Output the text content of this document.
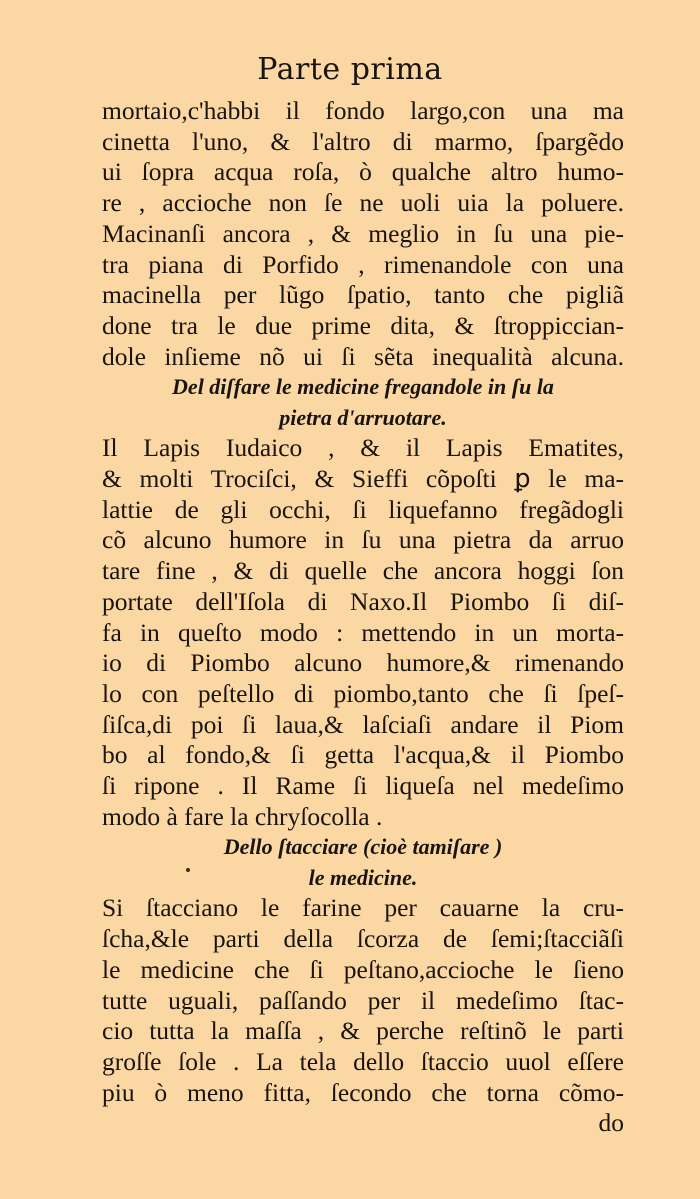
Parte prima
mortaio,c'habbi il fondo largo,con una ma
cinetta l'uno, & l'altro di marmo, ſpargẽdo
ui ſopra acqua roſa, ò qualche altro humo-
re , accioche non ſe ne uoli uia la poluere.
Macinanſi ancora , & meglio in ſu una pie-
tra piana di Porfido , rimenandole con una
macinella per lũgo ſpatio, tanto che pigliã
done tra le due prime dita, & ſtroppiccian-
dole inſieme nõ ui ſi sẽta inequalità alcuna.
Del diſfare le medicine fregandole in ſu la
pietra d'arruotare.
Il Lapis Iudaico , & il Lapis Ematites,
& molti Trociſci, & Sieffi cõpoſti ꝑ le ma-
lattie de gli occhi, ſi liquefanno fregãdogli
cõ alcuno humore in ſu una pietra da arruo
tare fine , & di quelle che ancora hoggi ſon
portate dell'Iſola di Naxo.Il Piombo ſi diſ-
fa in queſto modo : mettendo in un morta-
io di Piombo alcuno humore,& rimenando
lo con peſtello di piombo,tanto che ſi ſpeſ-
ſiſca,di poi ſi laua,& laſciaſi andare il Piom
bo al fondo,& ſi getta l'acqua,& il Piombo
ſi ripone . Il Rame ſi liqueſa nel medeſimo
modo à fare la chryſocolla .
Dello ſtacciare (cioè tamiſare )
le medicine.
Si ſtacciano le farine per cauarne la cru-
ſcha,&le parti della ſcorza de ſemi;ſtacciãſi
le medicine che ſi peſtano,accioche le ſieno
tutte uguali, paſſando per il medeſimo ſtac-
cio tutta la maſſa , & perche reſtinõ le parti
groſſe ſole . La tela dello ſtaccio uuol eſſere
piu ò meno fitta, ſecondo che torna cõmo-
do
